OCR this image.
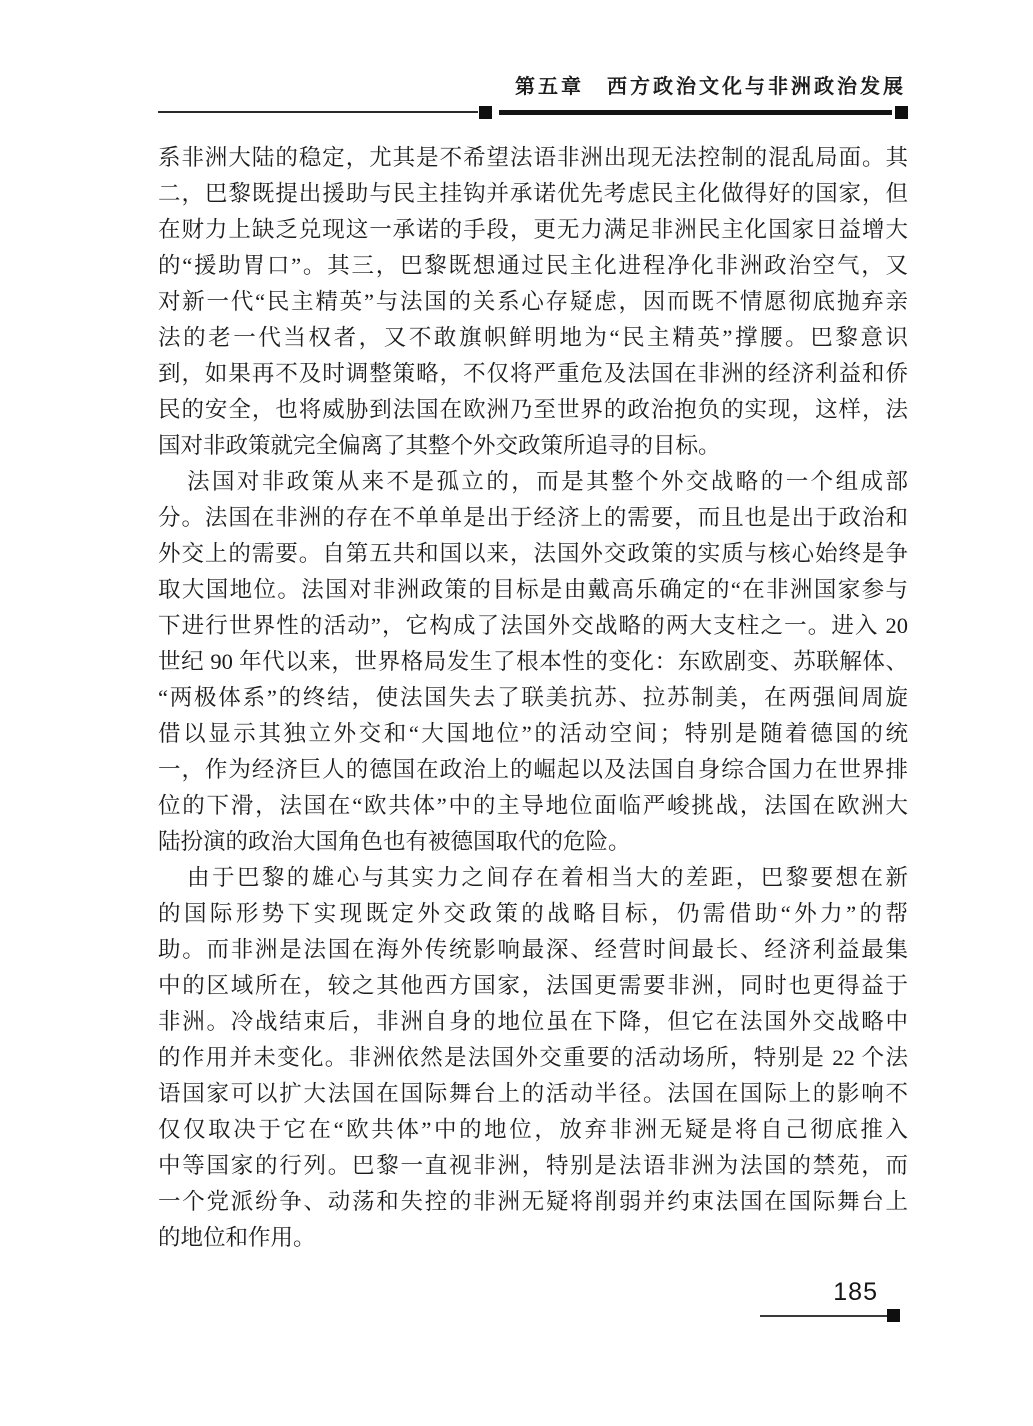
第五章　西方政治文化与非洲政治发展
系非洲大陆的稳定，尤其是不希望法语非洲出现无法控制的混乱局面。其
二，巴黎既提出援助与民主挂钩并承诺优先考虑民主化做得好的国家，但
在财力上缺乏兑现这一承诺的手段，更无力满足非洲民主化国家日益增大
的“援助胃口”。其三，巴黎既想通过民主化进程净化非洲政治空气，又
对新一代“民主精英”与法国的关系心存疑虑，因而既不情愿彻底抛弃亲
法的老一代当权者，又不敢旗帜鲜明地为“民主精英”撑腰。巴黎意识
到，如果再不及时调整策略，不仅将严重危及法国在非洲的经济利益和侨
民的安全，也将威胁到法国在欧洲乃至世界的政治抱负的实现，这样，法
国对非政策就完全偏离了其整个外交政策所追寻的目标。
法国对非政策从来不是孤立的，而是其整个外交战略的一个组成部
分。法国在非洲的存在不单单是出于经济上的需要，而且也是出于政治和
外交上的需要。自第五共和国以来，法国外交政策的实质与核心始终是争
取大国地位。法国对非洲政策的目标是由戴高乐确定的“在非洲国家参与
下进行世界性的活动”，它构成了法国外交战略的两大支柱之一。进入 20
世纪 90 年代以来，世界格局发生了根本性的变化：东欧剧变、苏联解体、
“两极体系”的终结，使法国失去了联美抗苏、拉苏制美，在两强间周旋
借以显示其独立外交和“大国地位”的活动空间；特别是随着德国的统
一，作为经济巨人的德国在政治上的崛起以及法国自身综合国力在世界排
位的下滑，法国在“欧共体”中的主导地位面临严峻挑战，法国在欧洲大
陆扮演的政治大国角色也有被德国取代的危险。
由于巴黎的雄心与其实力之间存在着相当大的差距，巴黎要想在新
的国际形势下实现既定外交政策的战略目标，仍需借助“外力”的帮
助。而非洲是法国在海外传统影响最深、经营时间最长、经济利益最集
中的区域所在，较之其他西方国家，法国更需要非洲，同时也更得益于
非洲。冷战结束后，非洲自身的地位虽在下降，但它在法国外交战略中
的作用并未变化。非洲依然是法国外交重要的活动场所，特别是 22 个法
语国家可以扩大法国在国际舞台上的活动半径。法国在国际上的影响不
仅仅取决于它在“欧共体”中的地位，放弃非洲无疑是将自己彻底推入
中等国家的行列。巴黎一直视非洲，特别是法语非洲为法国的禁苑，而
一个党派纷争、动荡和失控的非洲无疑将削弱并约束法国在国际舞台上
的地位和作用。
185
